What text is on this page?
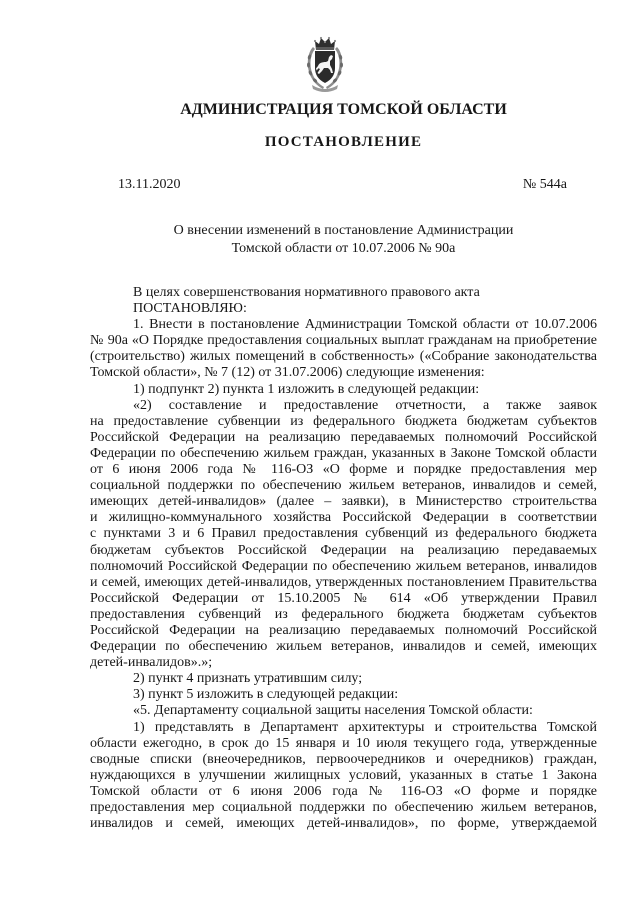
АДМИНИСТРАЦИЯ ТОМСКОЙ ОБЛАСТИ
ПОСТАНОВЛЕНИЕ
13.11.2020	№ 544а
О внесении изменений в постановление Администрации
Томской области от 10.07.2006 № 90а
В целях совершенствования нормативного правового акта
ПОСТАНОВЛЯЮ:
1. Внести в постановление Администрации Томской области от 10.07.2006
№ 90а «О Порядке предоставления социальных выплат гражданам на приобретение
(строительство) жилых помещений в собственность» («Собрание законодательства
Томской области», № 7 (12) от 31.07.2006) следующие изменения:
1) подпункт 2) пункта 1 изложить в следующей редакции:
«2) составление и предоставление отчетности, а также заявок
на предоставление субвенции из федерального бюджета бюджетам субъектов
Российской Федерации на реализацию передаваемых полномочий Российской
Федерации по обеспечению жильем граждан, указанных в Законе Томской области
от 6 июня 2006 года № 116-ОЗ «О форме и порядке предоставления мер
социальной поддержки по обеспечению жильем ветеранов, инвалидов и семей,
имеющих детей-инвалидов» (далее – заявки), в Министерство строительства
и жилищно-коммунального хозяйства Российской Федерации в соответствии
с пунктами 3 и 6 Правил предоставления субвенций из федерального бюджета
бюджетам субъектов Российской Федерации на реализацию передаваемых
полномочий Российской Федерации по обеспечению жильем ветеранов, инвалидов
и семей, имеющих детей-инвалидов, утвержденных постановлением Правительства
Российской Федерации от 15.10.2005 № 614 «Об утверждении Правил
предоставления субвенций из федерального бюджета бюджетам субъектов
Российской Федерации на реализацию передаваемых полномочий Российской
Федерации по обеспечению жильем ветеранов, инвалидов и семей, имеющих
детей-инвалидов».»;
2) пункт 4 признать утратившим силу;
3) пункт 5 изложить в следующей редакции:
«5. Департаменту социальной защиты населения Томской области:
1) представлять в Департамент архитектуры и строительства Томской
области ежегодно, в срок до 15 января и 10 июля текущего года, утвержденные
сводные списки (внеочередников, первоочередников и очередников) граждан,
нуждающихся в улучшении жилищных условий, указанных в статье 1 Закона
Томской области от 6 июня 2006 года № 116-ОЗ «О форме и порядке
предоставления мер социальной поддержки по обеспечению жильем ветеранов,
инвалидов и семей, имеющих детей-инвалидов», по форме, утверждаемой
